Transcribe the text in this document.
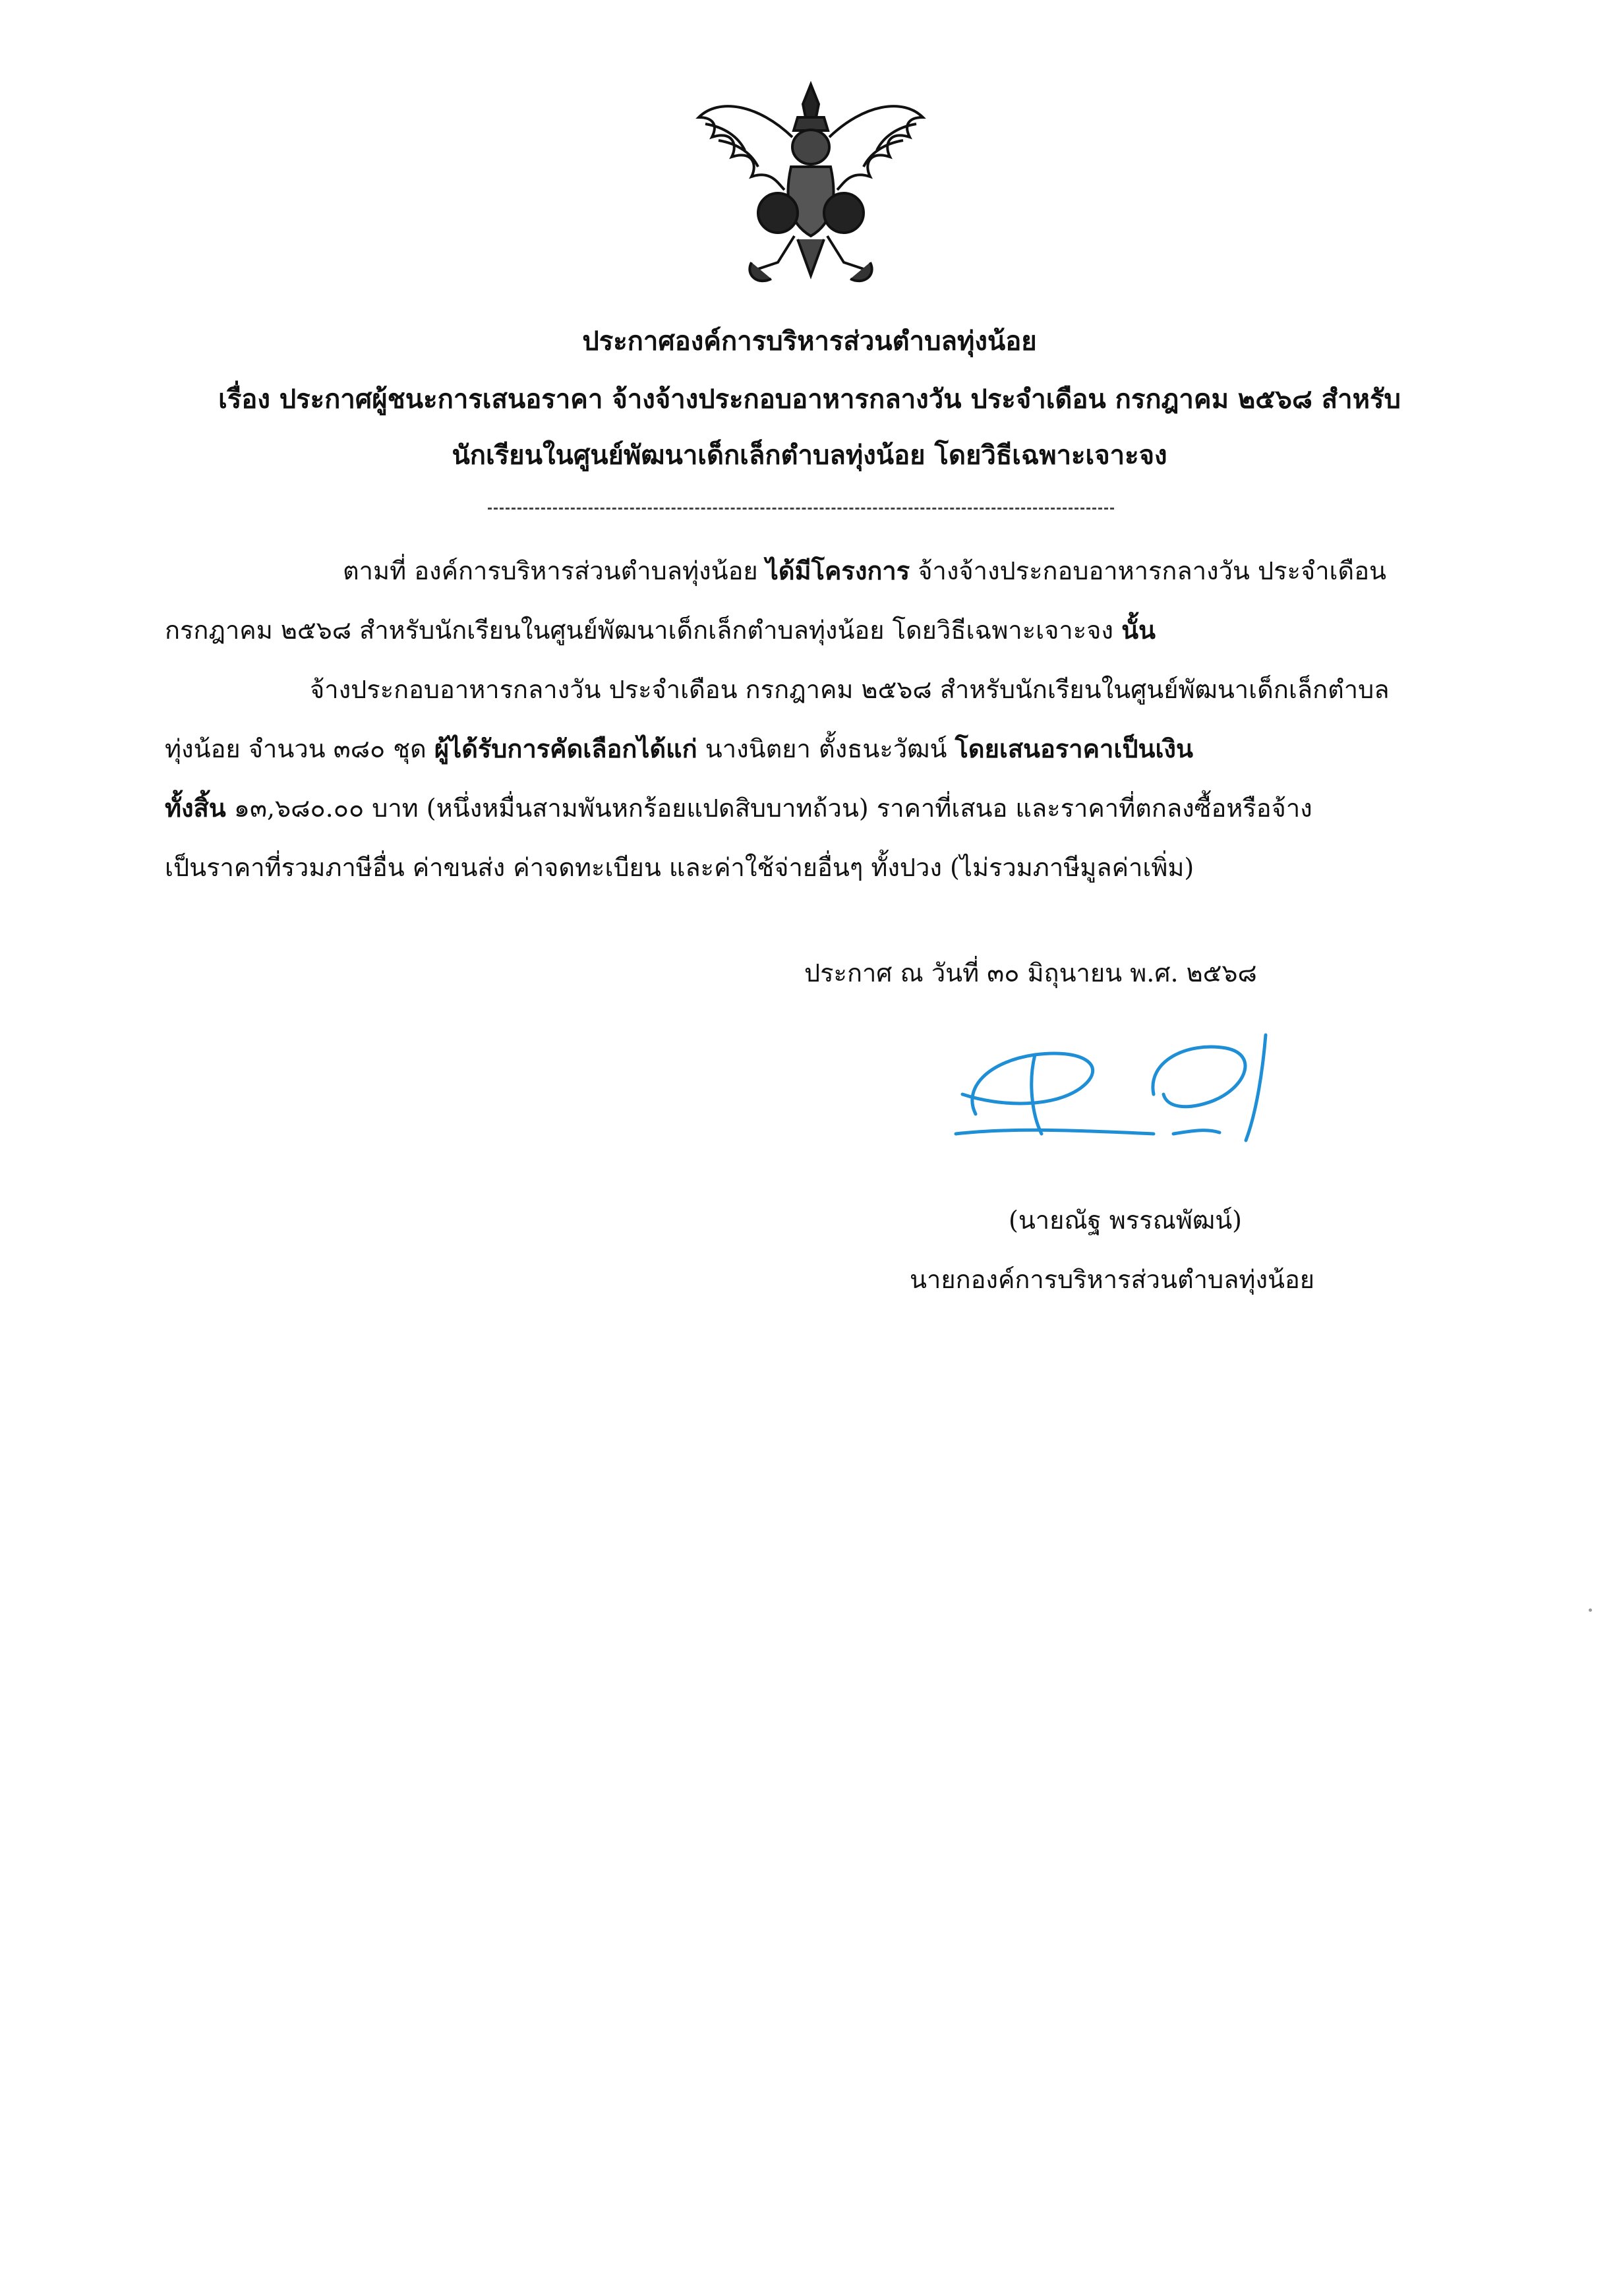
ประกาศองค์การบริหารส่วนตำบลทุ่งน้อย
เรื่อง ประกาศผู้ชนะการเสนอราคา จ้างจ้างประกอบอาหารกลางวัน ประจำเดือน กรกฎาคม ๒๕๖๘ สำหรับ
นักเรียนในศูนย์พัฒนาเด็กเล็กตำบลทุ่งน้อย โดยวิธีเฉพาะเจาะจง
ตามที่ องค์การบริหารส่วนตำบลทุ่งน้อย ได้มีโครงการ จ้างจ้างประกอบอาหารกลางวัน ประจำเดือน
กรกฎาคม ๒๕๖๘ สำหรับนักเรียนในศูนย์พัฒนาเด็กเล็กตำบลทุ่งน้อย โดยวิธีเฉพาะเจาะจง นั้น
จ้างประกอบอาหารกลางวัน ประจำเดือน กรกฎาคม ๒๕๖๘ สำหรับนักเรียนในศูนย์พัฒนาเด็กเล็กตำบล
ทุ่งน้อย จำนวน ๓๘๐ ชุด ผู้ได้รับการคัดเลือกได้แก่ นางนิตยา ตั้งธนะวัฒน์ โดยเสนอราคาเป็นเงิน
ทั้งสิ้น ๑๓,๖๘๐.๐๐ บาท (หนึ่งหมื่นสามพันหกร้อยแปดสิบบาทถ้วน) ราคาที่เสนอ และราคาที่ตกลงซื้อหรือจ้าง
เป็นราคาที่รวมภาษีอื่น ค่าขนส่ง ค่าจดทะเบียน และค่าใช้จ่ายอื่นๆ ทั้งปวง (ไม่รวมภาษีมูลค่าเพิ่ม)
ประกาศ ณ วันที่ ๓๐ มิถุนายน พ.ศ. ๒๕๖๘
(นายณัฐ พรรณพัฒน์)
นายกองค์การบริหารส่วนตำบลทุ่งน้อย
